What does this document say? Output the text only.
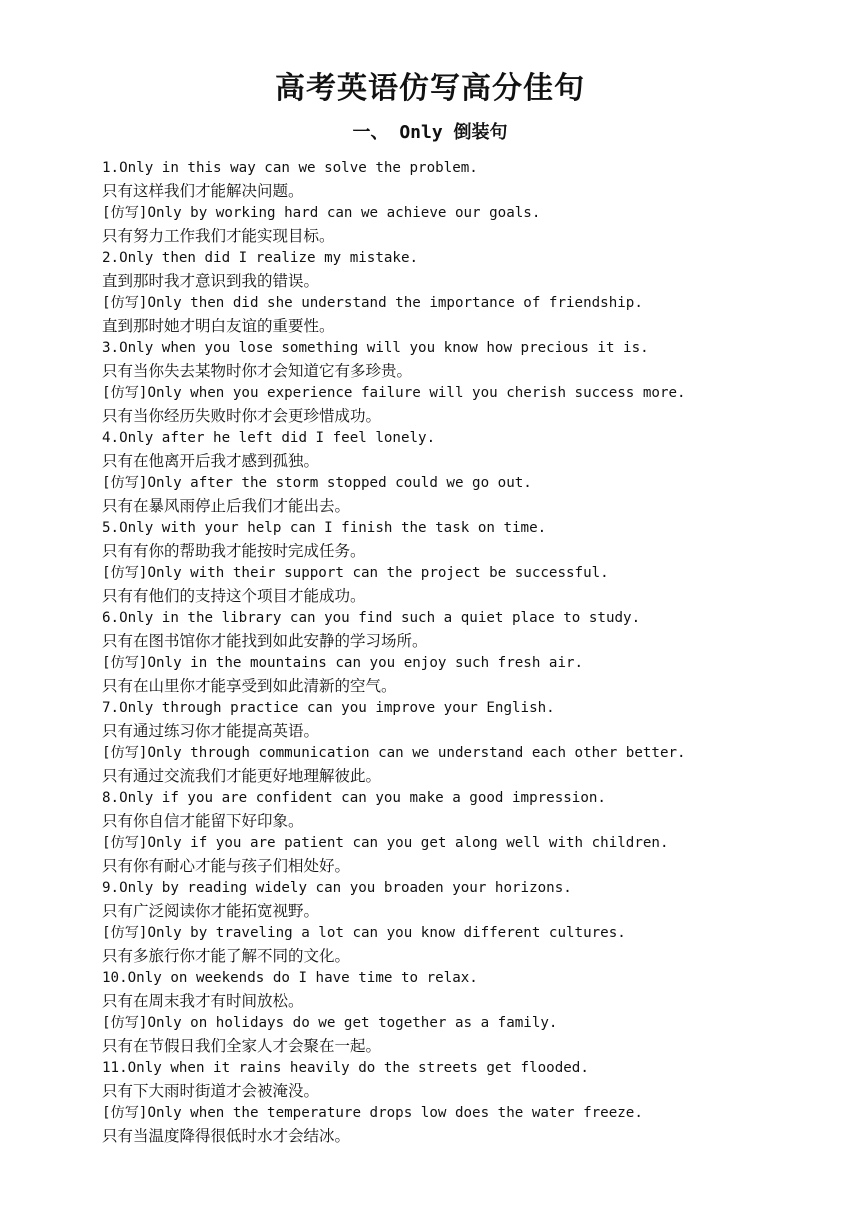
高考英语仿写高分佳句
一、 Only 倒装句
1.Only in this way can we solve the problem.
只有这样我们才能解决问题。
[仿写]Only by working hard can we achieve our goals.
只有努力工作我们才能实现目标。
2.Only then did I realize my mistake.
直到那时我才意识到我的错误。
[仿写]Only then did she understand the importance of friendship.
直到那时她才明白友谊的重要性。
3.Only when you lose something will you know how precious it is.
只有当你失去某物时你才会知道它有多珍贵。
[仿写]Only when you experience failure will you cherish success more.
只有当你经历失败时你才会更珍惜成功。
4.Only after he left did I feel lonely.
只有在他离开后我才感到孤独。
[仿写]Only after the storm stopped could we go out.
只有在暴风雨停止后我们才能出去。
5.Only with your help can I finish the task on time.
只有有你的帮助我才能按时完成任务。
[仿写]Only with their support can the project be successful.
只有有他们的支持这个项目才能成功。
6.Only in the library can you find such a quiet place to study.
只有在图书馆你才能找到如此安静的学习场所。
[仿写]Only in the mountains can you enjoy such fresh air.
只有在山里你才能享受到如此清新的空气。
7.Only through practice can you improve your English.
只有通过练习你才能提高英语。
[仿写]Only through communication can we understand each other better.
只有通过交流我们才能更好地理解彼此。
8.Only if you are confident can you make a good impression.
只有你自信才能留下好印象。
[仿写]Only if you are patient can you get along well with children.
只有你有耐心才能与孩子们相处好。
9.Only by reading widely can you broaden your horizons.
只有广泛阅读你才能拓宽视野。
[仿写]Only by traveling a lot can you know different cultures.
只有多旅行你才能了解不同的文化。
10.Only on weekends do I have time to relax.
只有在周末我才有时间放松。
[仿写]Only on holidays do we get together as a family.
只有在节假日我们全家人才会聚在一起。
11.Only when it rains heavily do the streets get flooded.
只有下大雨时街道才会被淹没。
[仿写]Only when the temperature drops low does the water freeze.
只有当温度降得很低时水才会结冰。
